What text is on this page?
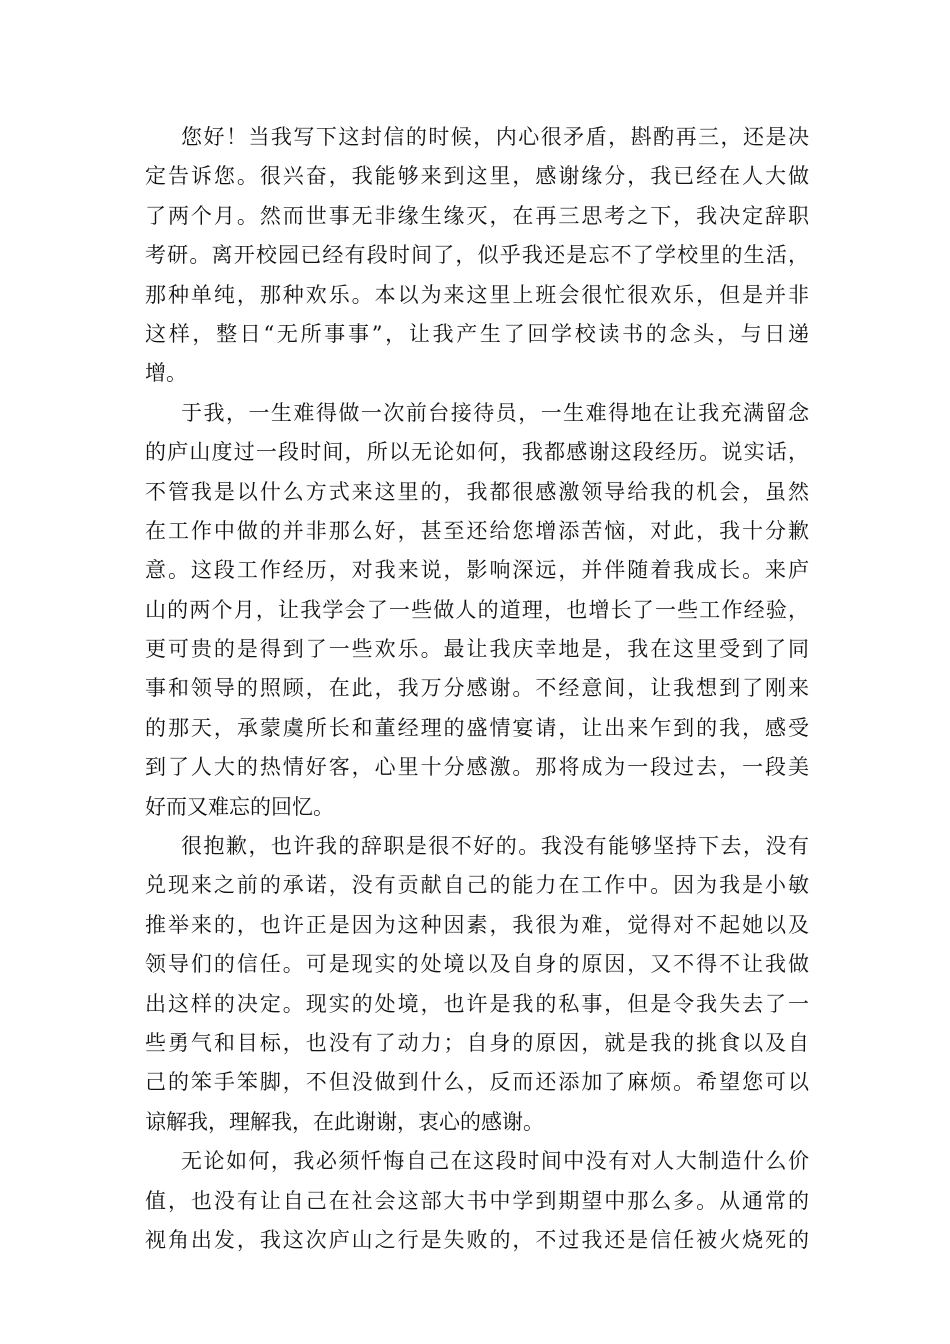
您好！当我写下这封信的时候，内心很矛盾，斟酌再三，还是决
定告诉您。很兴奋，我能够来到这里，感谢缘分，我已经在人大做
了两个月。然而世事无非缘生缘灭，在再三思考之下，我决定辞职
考研。离开校园已经有段时间了，似乎我还是忘不了学校里的生活，
那种单纯，那种欢乐。本以为来这里上班会很忙很欢乐，但是并非
这样，整日“无所事事”，让我产生了回学校读书的念头，与日递
增。
于我，一生难得做一次前台接待员，一生难得地在让我充满留念
的庐山度过一段时间，所以无论如何，我都感谢这段经历。说实话，
不管我是以什么方式来这里的，我都很感激领导给我的机会，虽然
在工作中做的并非那么好，甚至还给您增添苦恼，对此，我十分歉
意。这段工作经历，对我来说，影响深远，并伴随着我成长。来庐
山的两个月，让我学会了一些做人的道理，也增长了一些工作经验，
更可贵的是得到了一些欢乐。最让我庆幸地是，我在这里受到了同
事和领导的照顾，在此，我万分感谢。不经意间，让我想到了刚来
的那天，承蒙虞所长和董经理的盛情宴请，让出来乍到的我，感受
到了人大的热情好客，心里十分感激。那将成为一段过去，一段美
好而又难忘的回忆。
很抱歉，也许我的辞职是很不好的。我没有能够坚持下去，没有
兑现来之前的承诺，没有贡献自己的能力在工作中。因为我是小敏
推举来的，也许正是因为这种因素，我很为难，觉得对不起她以及
领导们的信任。可是现实的处境以及自身的原因，又不得不让我做
出这样的决定。现实的处境，也许是我的私事，但是令我失去了一
些勇气和目标，也没有了动力；自身的原因，就是我的挑食以及自
己的笨手笨脚，不但没做到什么，反而还添加了麻烦。希望您可以
谅解我，理解我，在此谢谢，衷心的感谢。
无论如何，我必须忏悔自己在这段时间中没有对人大制造什么价
值，也没有让自己在社会这部大书中学到期望中那么多。从通常的
视角出发，我这次庐山之行是失败的，不过我还是信任被火烧死的
